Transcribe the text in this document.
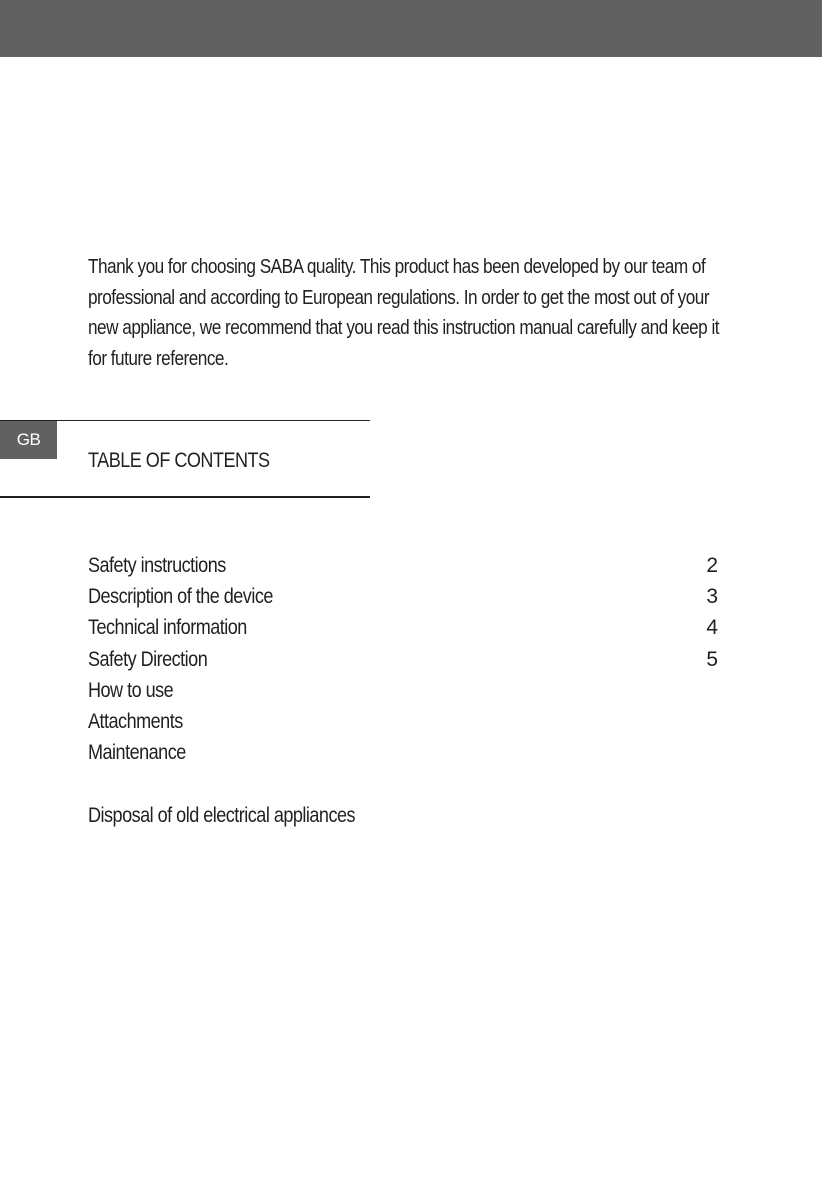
Thank you for choosing SABA quality. This product has been developed by our team of professional and according to European regulations. In order to get the most out of your new appliance, we recommend that you read this instruction manual carefully and keep it for future reference.

GB
TABLE OF CONTENTS
Safety instructions	2
Description of the device	3
Technical information	4
Safety Direction	5
How to use
Attachments
Maintenance
Disposal of old electrical appliances
